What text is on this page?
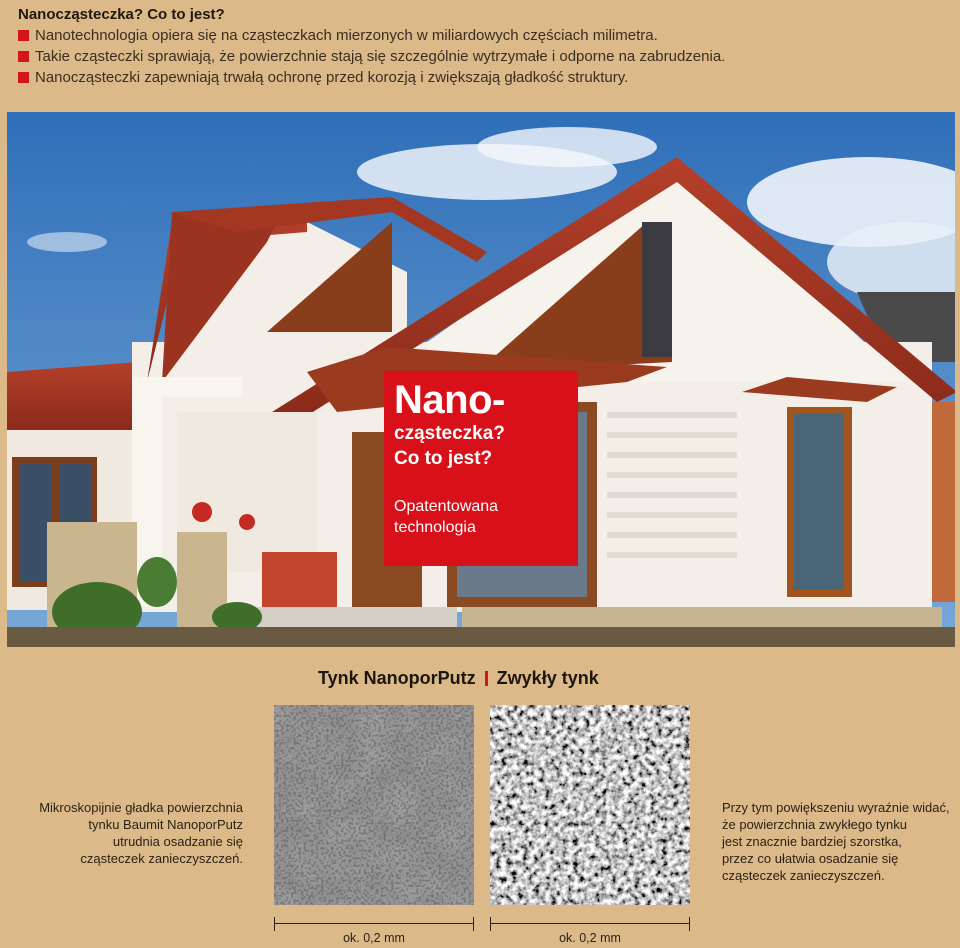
Nanocząsteczka? Co to jest?
Nanotechnologia opiera się na cząsteczkach mierzonych w miliardowych częściach milimetra.
Takie cząsteczki sprawiają, że powierzchnie stają się szczególnie wytrzymałe i odporne na zabrudzenia.
Nanocząsteczki zapewniają trwałą ochronę przed korozją i zwiększają gładkość struktury.
Nano-
cząsteczka?
Co to jest?
Opatentowana
technologia
Tynk NanoporPutz Zwykły tynk
Mikroskopijnie gładka powierzchnia
tynku Baumit NanoporPutz
utrudnia osadzanie się
cząsteczek zanieczyszczeń.
Przy tym powiększeniu wyraźnie widać,
że powierzchnia zwykłego tynku
jest znacznie bardziej szorstka,
przez co ułatwia osadzanie się
cząsteczek zanieczyszczeń.
ok. 0,2 mm	ok. 0,2 mm
